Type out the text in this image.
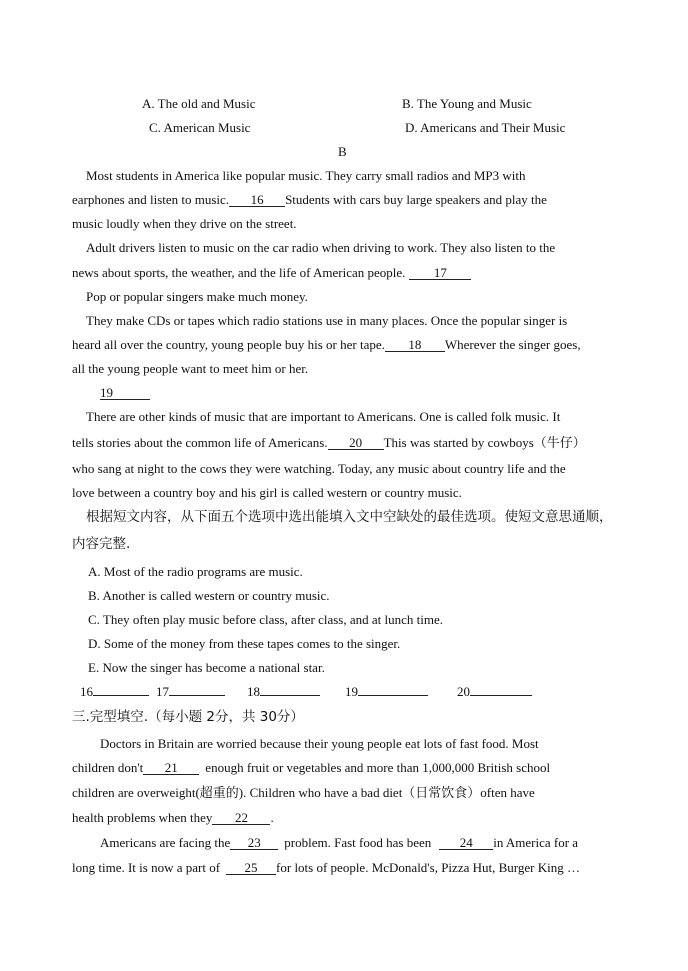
A. The old and Music	B. The Young and Music
C. American Music	D. Americans and Their Music
B
Most students in America like popular music. They carry small radios and MP3 with
earphones and listen to music. 16 Students with cars buy large speakers and play the
music loudly when they drive on the street.
Adult drivers listen to music on the car radio when driving to work. They also listen to the
news about sports, the weather, and the life of American people. 17
Pop or popular singers make much money.
They make CDs or tapes which radio stations use in many places. Once the popular singer is
heard all over the country, young people buy his or her tape. 18 Wherever the singer goes,
all the young people want to meet him or her.
19
There are other kinds of music that are important to Americans. One is called folk music. It
tells stories about the common life of Americans. 20 This was started by cowboys（牛仔）
who sang at night to the cows they were watching. Today, any music about country life and the
love between a country boy and his girl is called western or country music.
根据短文内容，从下面五个选项中选出能填入文中空缺处的最佳选项。使短文意思通顺，
内容完整.
A. Most of the radio programs are music.
B. Another is called western or country music.
C. They often play music before class, after class, and at lunch time.
D. Some of the money from these tapes comes to the singer.
E. Now the singer has become a national star.
16	17	18	19	20
三.完型填空.（每小题 2分，共 30分）
Doctors in Britain are worried because their young people eat lots of fast food. Most
children don't 21 enough fruit or vegetables and more than 1,000,000 British school
children are overweight(超重的). Children who have a bad diet（日常饮食）often have
health problems when they 22 .
Americans are facing the 23 problem. Fast food has been 24 in America for a
long time. It is now a part of 25 for lots of people. McDonald's, Pizza Hut, Burger King …
